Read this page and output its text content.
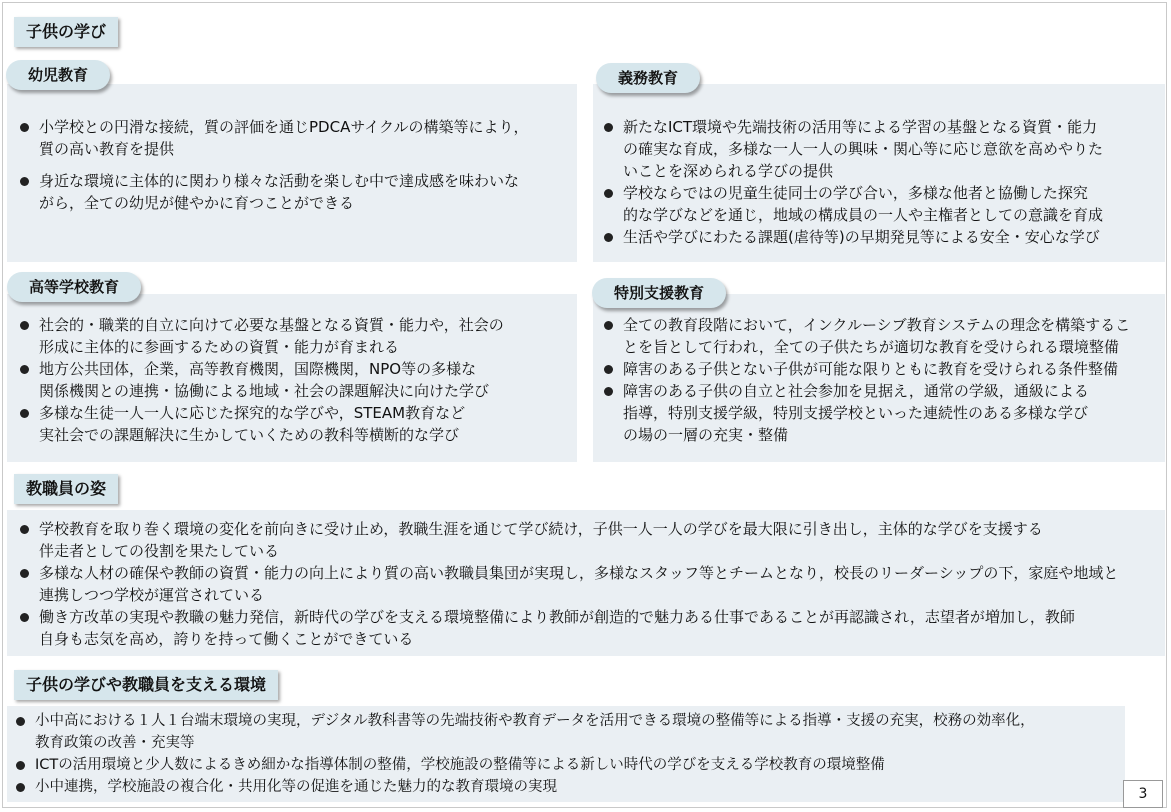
子供の学び
幼児教育
小学校との円滑な接続，質の評価を通じPDCAサイクルの構築等により，
質の高い教育を提供
身近な環境に主体的に関わり様々な活動を楽しむ中で達成感を味わいな
がら，全ての幼児が健やかに育つことができる
義務教育
新たなICT環境や先端技術の活用等による学習の基盤となる資質・能力
の確実な育成，多様な一人一人の興味・関心等に応じ意欲を高めやりた
いことを深められる学びの提供
学校ならではの児童生徒同士の学び合い，多様な他者と協働した探究
的な学びなどを通じ，地域の構成員の一人や主権者としての意識を育成
生活や学びにわたる課題(虐待等)の早期発見等による安全・安心な学び
高等学校教育
社会的・職業的自立に向けて必要な基盤となる資質・能力や，社会の
形成に主体的に参画するための資質・能力が育まれる
地方公共団体，企業，高等教育機関，国際機関，NPO等の多様な
関係機関との連携・協働による地域・社会の課題解決に向けた学び
多様な生徒一人一人に応じた探究的な学びや，STEAM教育など
実社会での課題解決に生かしていくための教科等横断的な学び
特別支援教育
全ての教育段階において，インクルーシブ教育システムの理念を構築するこ
とを旨として行われ，全ての子供たちが適切な教育を受けられる環境整備
障害のある子供とない子供が可能な限りともに教育を受けられる条件整備
障害のある子供の自立と社会参加を見据え，通常の学級，通級による
指導，特別支援学級，特別支援学校といった連続性のある多様な学び
の場の一層の充実・整備
教職員の姿
学校教育を取り巻く環境の変化を前向きに受け止め，教職生涯を通じて学び続け，子供一人一人の学びを最大限に引き出し，主体的な学びを支援する
伴走者としての役割を果たしている
多様な人材の確保や教師の資質・能力の向上により質の高い教職員集団が実現し，多様なスタッフ等とチームとなり，校長のリーダーシップの下，家庭や地域と
連携しつつ学校が運営されている
働き方改革の実現や教職の魅力発信，新時代の学びを支える環境整備により教師が創造的で魅力ある仕事であることが再認識され，志望者が増加し，教師
自身も志気を高め，誇りを持って働くことができている
子供の学びや教職員を支える環境
小中高における１人１台端末環境の実現，デジタル教科書等の先端技術や教育データを活用できる環境の整備等による指導・支援の充実，校務の効率化，
教育政策の改善・充実等
ICTの活用環境と少人数によるきめ細かな指導体制の整備，学校施設の整備等による新しい時代の学びを支える学校教育の環境整備
小中連携，学校施設の複合化・共用化等の促進を通じた魅力的な教育環境の実現	3
